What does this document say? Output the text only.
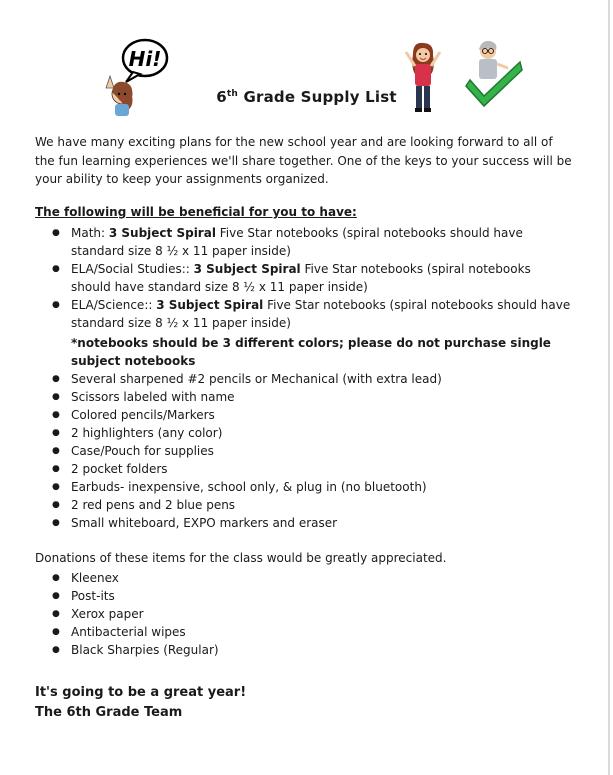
Hi!
6th Grade Supply List
We have many exciting plans for the new school year and are looking forward to all of the fun learning experiences we'll share together. One of the keys to your success will be your ability to keep your assignments organized.
The following will be beneficial for you to have:
● Math: 3 Subject Spiral Five Star notebooks (spiral notebooks should have standard size 8 ½ x 11 paper inside)
● ELA/Social Studies:: 3 Subject Spiral Five Star notebooks (spiral notebooks should have standard size 8 ½ x 11 paper inside)
● ELA/Science:: 3 Subject Spiral Five Star notebooks (spiral notebooks should have standard size 8 ½ x 11 paper inside)
*notebooks should be 3 different colors; please do not purchase single subject notebooks
● Several sharpened #2 pencils or Mechanical (with extra lead)
● Scissors labeled with name
● Colored pencils/Markers
● 2 highlighters (any color)
● Case/Pouch for supplies
● 2 pocket folders
● Earbuds- inexpensive, school only, & plug in (no bluetooth)
● 2 red pens and 2 blue pens
● Small whiteboard, EXPO markers and eraser
Donations of these items for the class would be greatly appreciated.
● Kleenex
● Post-its
● Xerox paper
● Antibacterial wipes
● Black Sharpies (Regular)
It's going to be a great year!
The 6th Grade Team
